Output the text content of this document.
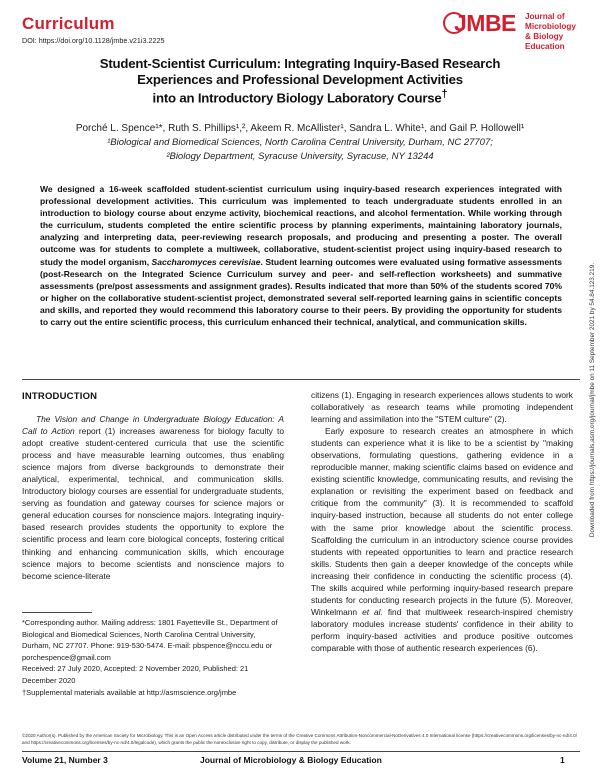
Curriculum
DOI: https://doi.org/10.1128/jmbe.v21i3.2225
JMBE Journal of Microbiology
& Biology Education
Student-Scientist Curriculum: Integrating Inquiry-Based Research
Experiences and Professional Development Activities
into an Introductory Biology Laboratory Course†
Porché L. Spence¹*, Ruth S. Phillips¹,², Akeem R. McAllister¹, Sandra L. White¹, and Gail P. Hollowell¹
¹Biological and Biomedical Sciences, North Carolina Central University, Durham, NC 27707;
²Biology Department, Syracuse University, Syracuse, NY 13244
We designed a 16-week scaffolded student-scientist curriculum using inquiry-based research experiences integrated with professional development activities. This curriculum was implemented to teach undergraduate students enrolled in an introduction to biology course about enzyme activity, biochemical reactions, and alcohol fermentation. While working through the curriculum, students completed the entire scientific process by planning experiments, maintaining laboratory journals, analyzing and interpreting data, peer-reviewing research proposals, and producing and presenting a poster. The overall outcome was for students to complete a multiweek, collaborative, student-scientist project using inquiry-based research to study the model organism, Saccharomyces cerevisiae. Student learning outcomes were evaluated using formative assessments (post-Research on the Integrated Science Curriculum survey and peer- and self-reflection worksheets) and summative assessments (pre/post assessments and assignment grades). Results indicated that more than 50% of the students scored 70% or higher on the collaborative student-scientist project, demonstrated several self-reported learning gains in scientific concepts and skills, and reported they would recommend this laboratory course to their peers. By providing the opportunity for students to carry out the entire scientific process, this curriculum enhanced their technical, analytical, and communication skills.
INTRODUCTION
The Vision and Change in Undergraduate Biology Education: A Call to Action report (1) increases awareness for biology faculty to adopt creative student-centered curricula that use the scientific process and have measurable learning outcomes, thus enabling science majors from diverse backgrounds to demonstrate their analytical, experimental, technical, and communication skills. Introductory biology courses are essential for undergraduate students, serving as foundation and gateway courses for science majors or general education courses for nonscience majors. Integrating inquiry-based research provides students the opportunity to explore the scientific process and learn core biological concepts, fostering critical thinking and enhancing communication skills, which encourage science majors to become scientists and nonscience majors to become science-literate

citizens (1). Engaging in research experiences allows students to work collaboratively as research teams while promoting independent learning and assimilation into the "STEM culture" (2).

Early exposure to research creates an atmosphere in which students can experience what it is like to be a scientist by "making observations, formulating questions, gathering evidence in a reproducible manner, making scientific claims based on evidence and existing scientific knowledge, communicating results, and revising the explanation or revisiting the experiment based on feedback and critique from the community" (3). It is recommended to scaffold inquiry-based instruction, because all students do not enter college with the same prior knowledge about the scientific process. Scaffolding the curriculum in an introductory science course provides students with repeated opportunities to learn and practice research skills. Students then gain a deeper knowledge of the concepts while increasing their confidence in conducting the scientific process (4). The skills acquired while performing inquiry-based research prepare students for conducting research projects in the future (5). Moreover, Winkelmann et al. find that multiweek research-inspired chemistry laboratory modules increase students' confidence in their ability to perform inquiry-based activities and produce positive outcomes comparable with those of authentic research experiences (6).

*Corresponding author. Mailing address: 1801 Fayetteville St., Department of Biological and Biomedical Sciences, North Carolina Central University, Durham, NC 27707. Phone: 919-530-5474. E-mail: pbspence@nccu.edu or porchespence@gmail.com
Received: 27 July 2020, Accepted: 2 November 2020, Published: 21 December 2020
†Supplemental materials available at http://asmscience.org/jmbe
©2020 Author(s). Published by the American Society for Microbiology. This is an Open Access article distributed under the terms of the Creative Commons Attribution-Noncommercial-NoDerivatives 4.0 International license (https://creativecommons.org/licenses/by-nc-nd/4.0/ and https://creativecommons.org/licenses/by-nc-nd/4.0/legalcode), which grants the public the nonexclusive right to copy, distribute, or display the published work.
Volume 21, Number 3	Journal of Microbiology & Biology Education	1
Downloaded from https://journals.asm.org/journal/jmbe on 11 September 2021 by 54.84.123.219.
